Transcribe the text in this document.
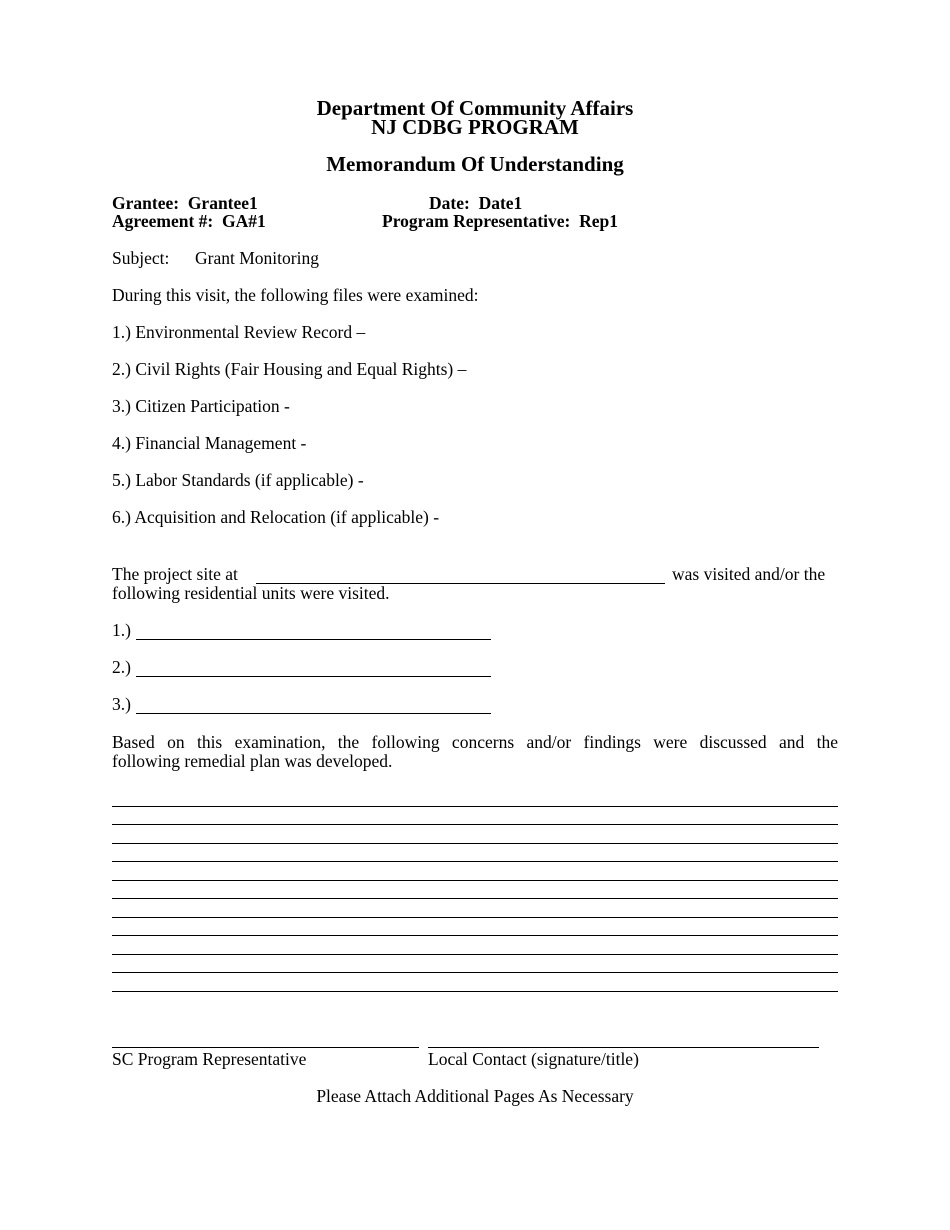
Department Of Community Affairs
NJ CDBG PROGRAM
Memorandum Of Understanding
Grantee: Grantee1	Date: Date1
Agreement #: GA#1	Program Representative: Rep1
Subject: Grant Monitoring
During this visit, the following files were examined:
1.) Environmental Review Record –
2.) Civil Rights (Fair Housing and Equal Rights) –
3.) Citizen Participation -
4.) Financial Management -
5.) Labor Standards (if applicable) -
6.) Acquisition and Relocation (if applicable) -
The project site at	was visited and/or the
following residential units were visited.
1.)
2.)
3.)
Based on this examination, the following concerns and/or findings were discussed and the
following remedial plan was developed.
SC Program Representative	Local Contact (signature/title)
Please Attach Additional Pages As Necessary
